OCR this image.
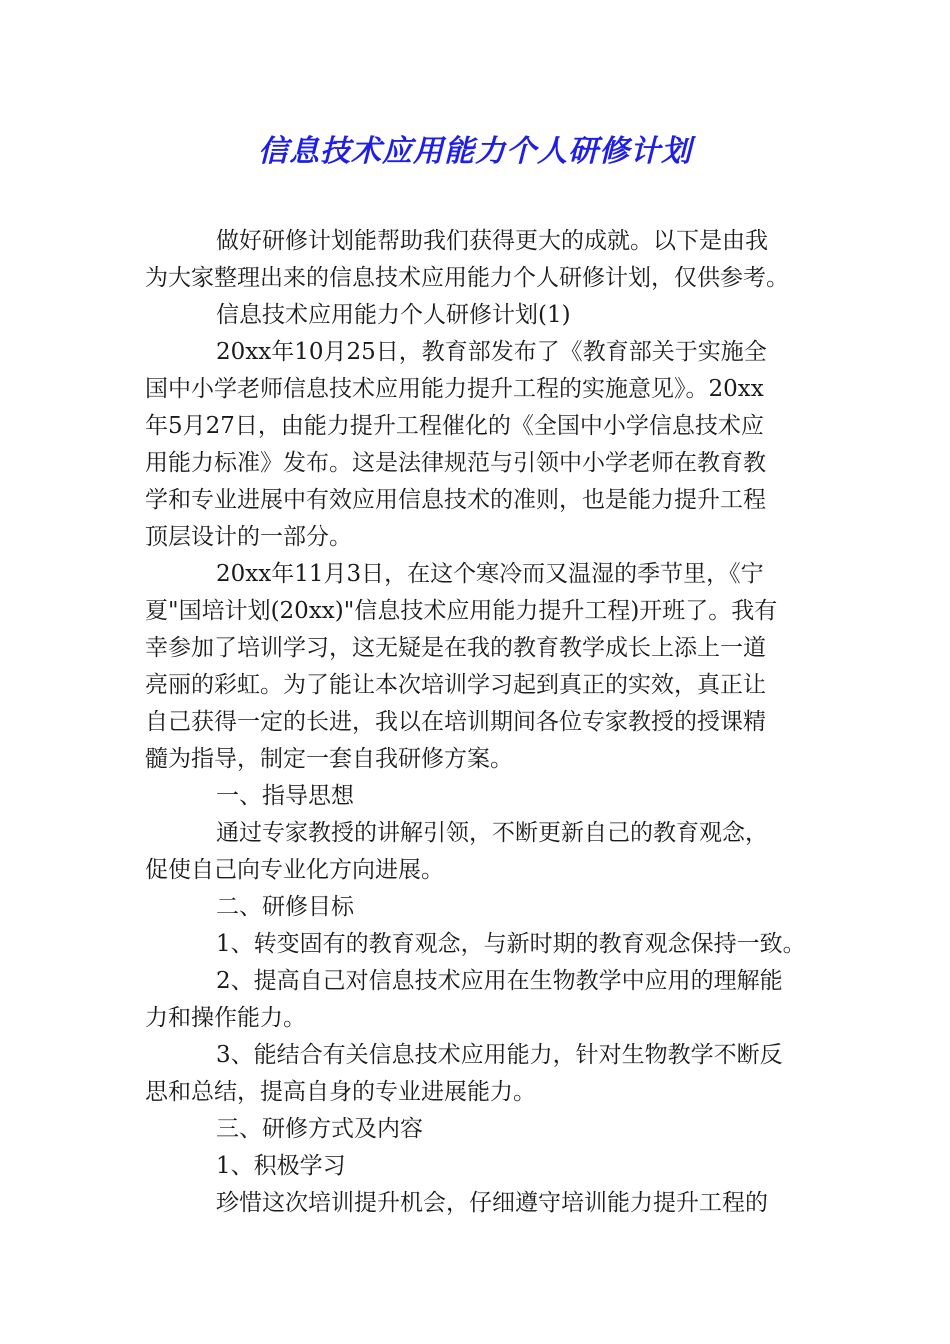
信息技术应用能力个人研修计划
做好研修计划能帮助我们获得更大的成就。以下是由我
为大家整理出来的信息技术应用能力个人研修计划，仅供参考。
信息技术应用能力个人研修计划(1)
20xx年10月25日，教育部发布了《教育部关于实施全
国中小学老师信息技术应用能力提升工程的实施意见》。20xx
年5月27日，由能力提升工程催化的《全国中小学信息技术应
用能力标准》发布。这是法律规范与引领中小学老师在教育教
学和专业进展中有效应用信息技术的准则，也是能力提升工程
顶层设计的一部分。
20xx年11月3日，在这个寒冷而又温湿的季节里，《宁
夏"国培计划(20xx)"信息技术应用能力提升工程)开班了。我有
幸参加了培训学习，这无疑是在我的教育教学成长上添上一道
亮丽的彩虹。为了能让本次培训学习起到真正的实效，真正让
自己获得一定的长进，我以在培训期间各位专家教授的授课精
髓为指导，制定一套自我研修方案。
一、指导思想
通过专家教授的讲解引领，不断更新自己的教育观念，
促使自己向专业化方向进展。
二、研修目标
1、转变固有的教育观念，与新时期的教育观念保持一致。
2、提高自己对信息技术应用在生物教学中应用的理解能
力和操作能力。
3、能结合有关信息技术应用能力，针对生物教学不断反
思和总结，提高自身的专业进展能力。
三、研修方式及内容
1、积极学习
珍惜这次培训提升机会，仔细遵守培训能力提升工程的
